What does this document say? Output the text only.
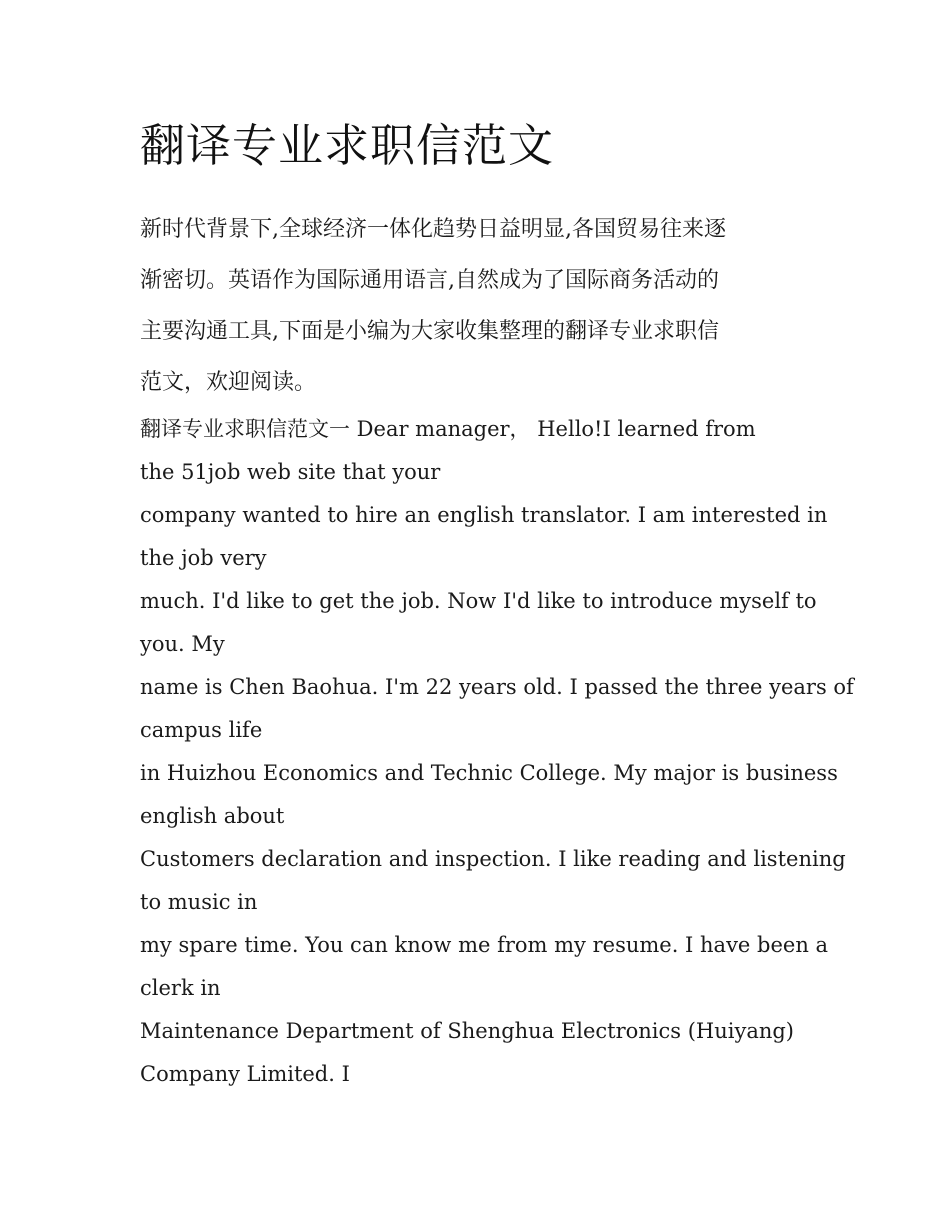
翻译专业求职信范文

新时代背景下,全球经济一体化趋势日益明显,各国贸易往来逐
渐密切。英语作为国际通用语言,自然成为了国际商务活动的
主要沟通工具,下面是小编为大家收集整理的翻译专业求职信
范文，欢迎阅读。

翻译专业求职信范文一 Dear manager， Hello!I learned from
the 51job web site that your
company wanted to hire an english translator. I am interested in
the job very
much. I'd like to get the job. Now I'd like to introduce myself to
you. My
name is Chen Baohua. I'm 22 years old. I passed the three years of
campus life
in Huizhou Economics and Technic College. My major is business
english about
Customers declaration and inspection. I like reading and listening
to music in
my spare time. You can know me from my resume. I have been a
clerk in
Maintenance Department of Shenghua Electronics (Huiyang)
Company Limited. I
